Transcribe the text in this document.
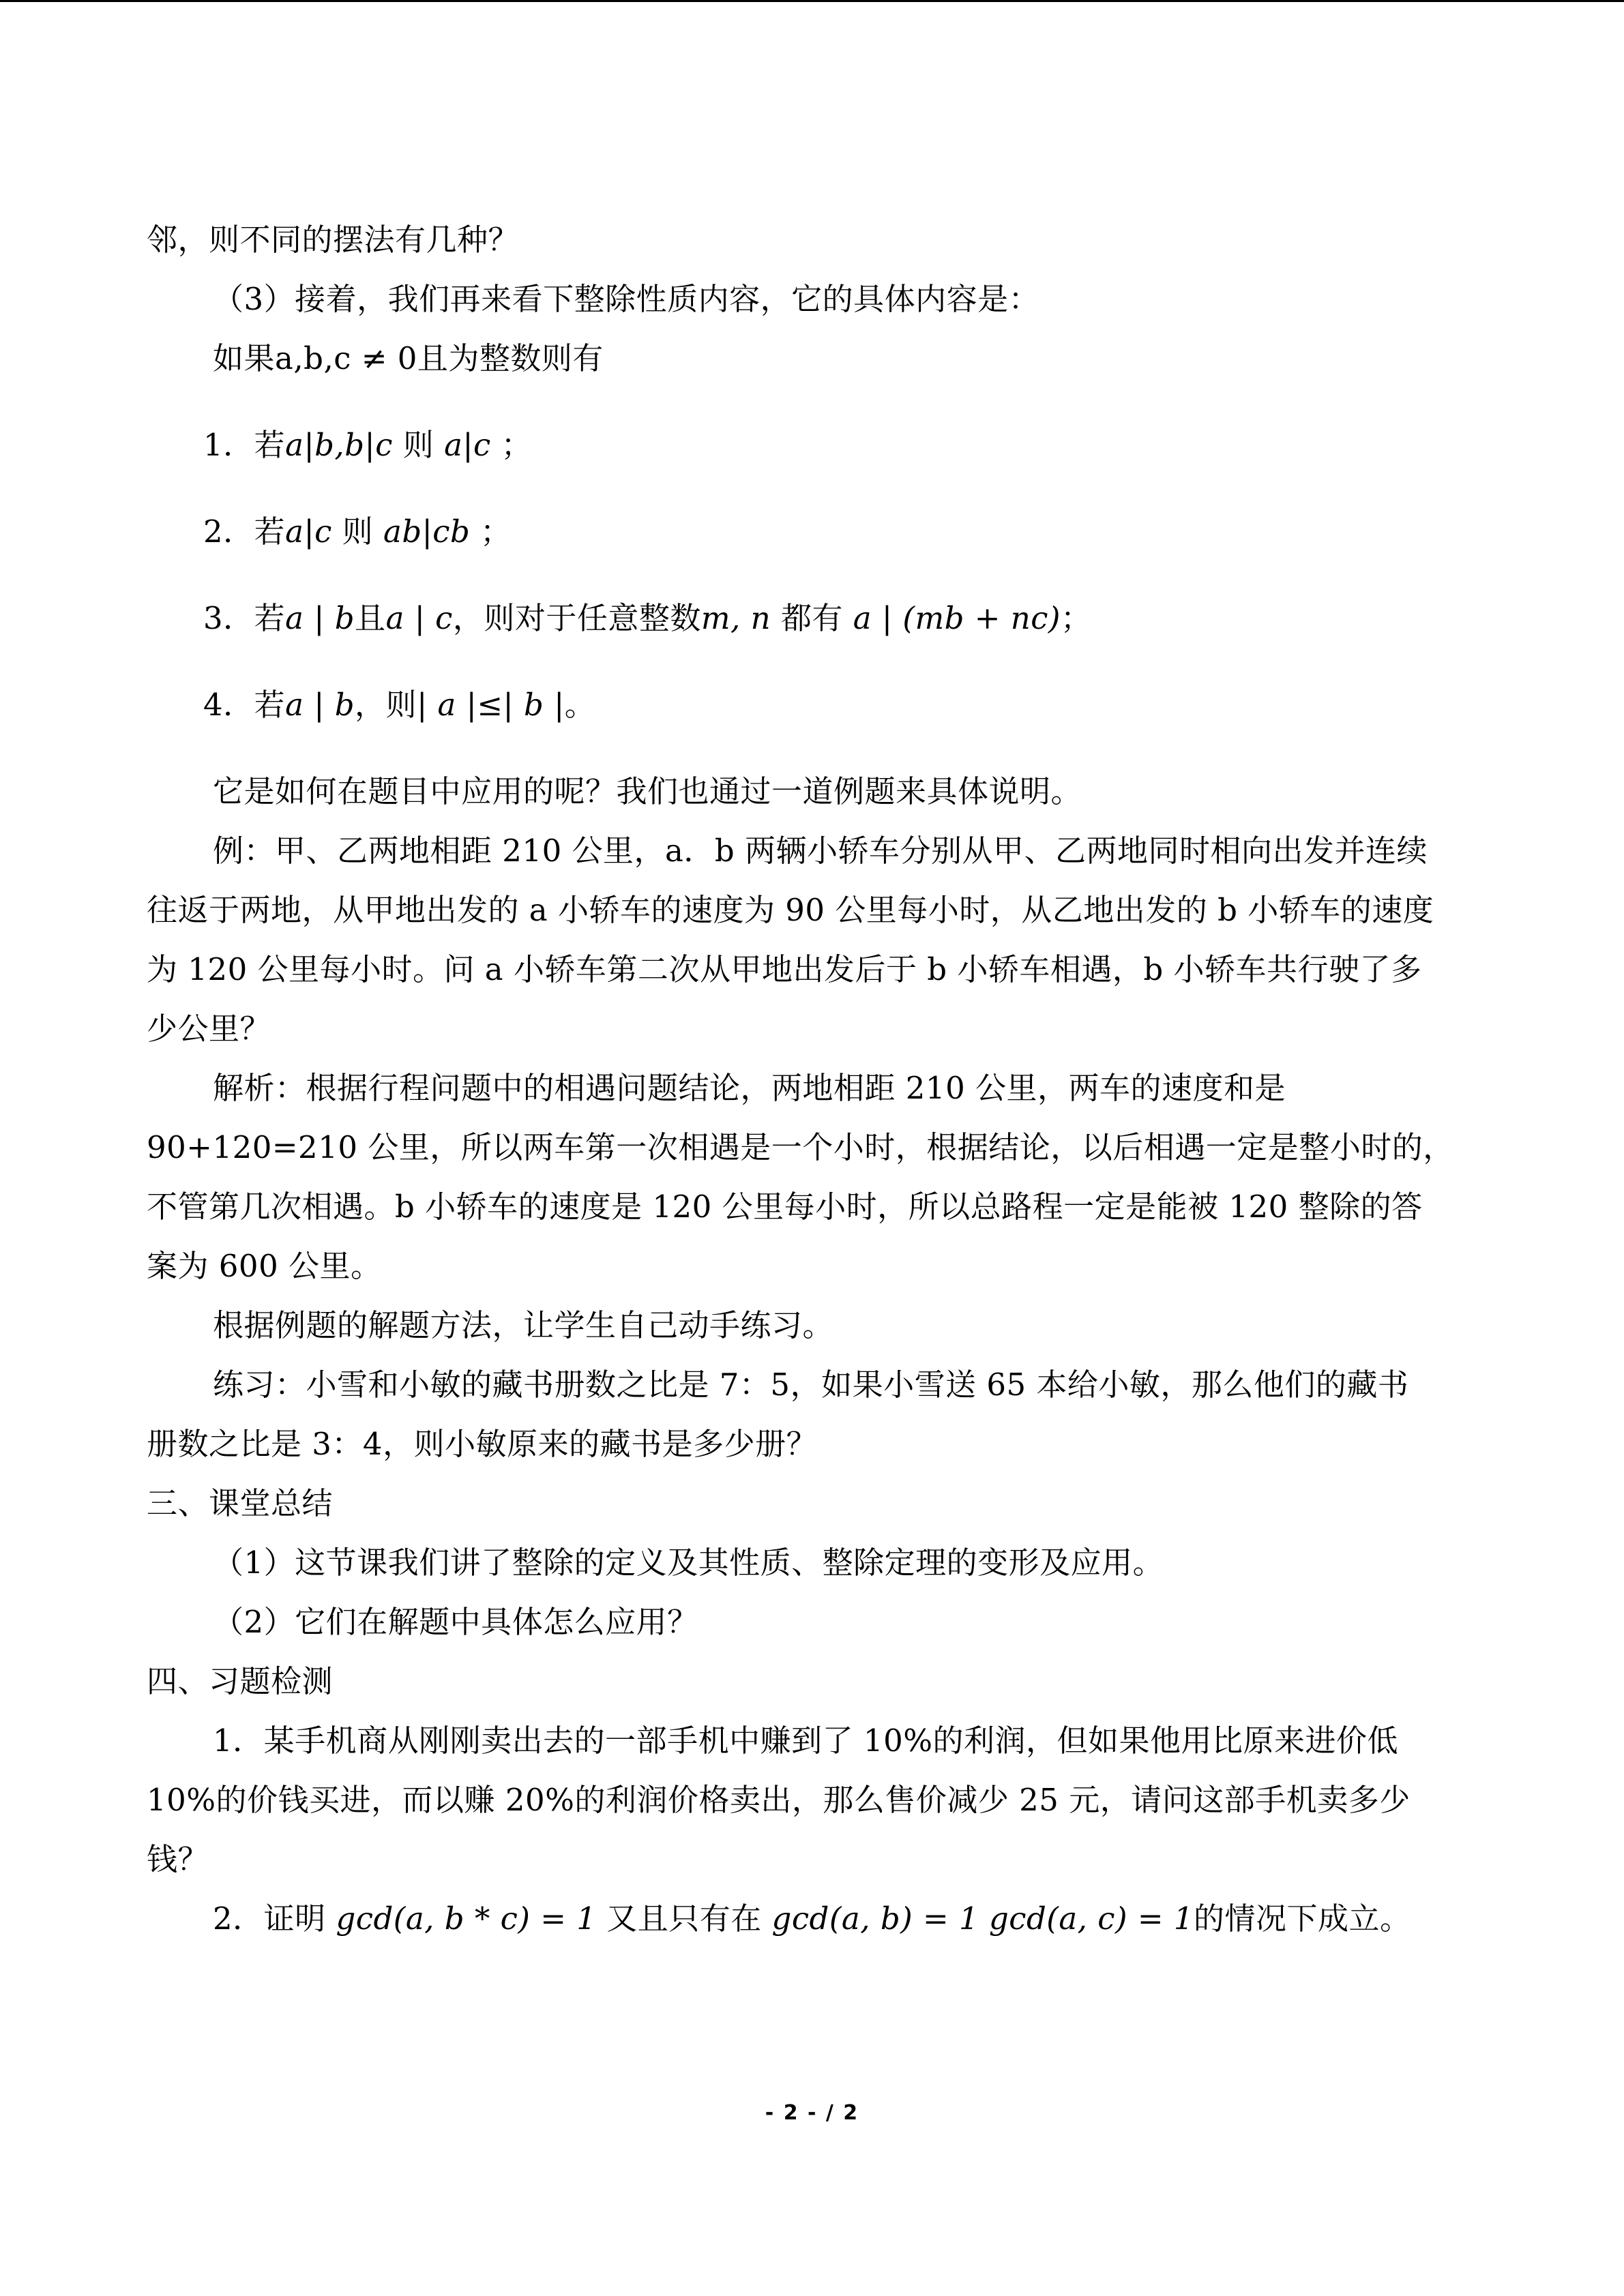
邻，则不同的摆法有几种？
（3）接着，我们再来看下整除性质内容，它的具体内容是：
如果a,b,c ≠ 0且为整数则有
1．若a|b,b|c 则 a|c ；
2．若a|c 则 ab|cb ；
3．若a | b且a | c，则对于任意整数m, n 都有 a | (mb + nc)；
4．若a | b，则| a |≤| b |。
它是如何在题目中应用的呢？我们也通过一道例题来具体说明。
例：甲、乙两地相距 210 公里，a．b 两辆小轿车分别从甲、乙两地同时相向出发并连续
往返于两地，从甲地出发的 a 小轿车的速度为 90 公里每小时，从乙地出发的 b 小轿车的速度
为 120 公里每小时。问 a 小轿车第二次从甲地出发后于 b 小轿车相遇，b 小轿车共行驶了多
少公里？
解析：根据行程问题中的相遇问题结论，两地相距 210 公里，两车的速度和是
90+120=210 公里，所以两车第一次相遇是一个小时，根据结论，以后相遇一定是整小时的，
不管第几次相遇。b 小轿车的速度是 120 公里每小时，所以总路程一定是能被 120 整除的答
案为 600 公里。
根据例题的解题方法，让学生自己动手练习。
练习：小雪和小敏的藏书册数之比是 7：5，如果小雪送 65 本给小敏，那么他们的藏书
册数之比是 3：4，则小敏原来的藏书是多少册？
三、课堂总结
（1）这节课我们讲了整除的定义及其性质、整除定理的变形及应用。
（2）它们在解题中具体怎么应用？
四、习题检测
1．某手机商从刚刚卖出去的一部手机中赚到了 10%的利润，但如果他用比原来进价低
10%的价钱买进，而以赚 20%的利润价格卖出，那么售价减少 25 元，请问这部手机卖多少
钱？
2．证明 gcd(a, b * c) = 1 又且只有在 gcd(a, b) = 1 gcd(a, c) = 1的情况下成立。
- 2 - / 2
